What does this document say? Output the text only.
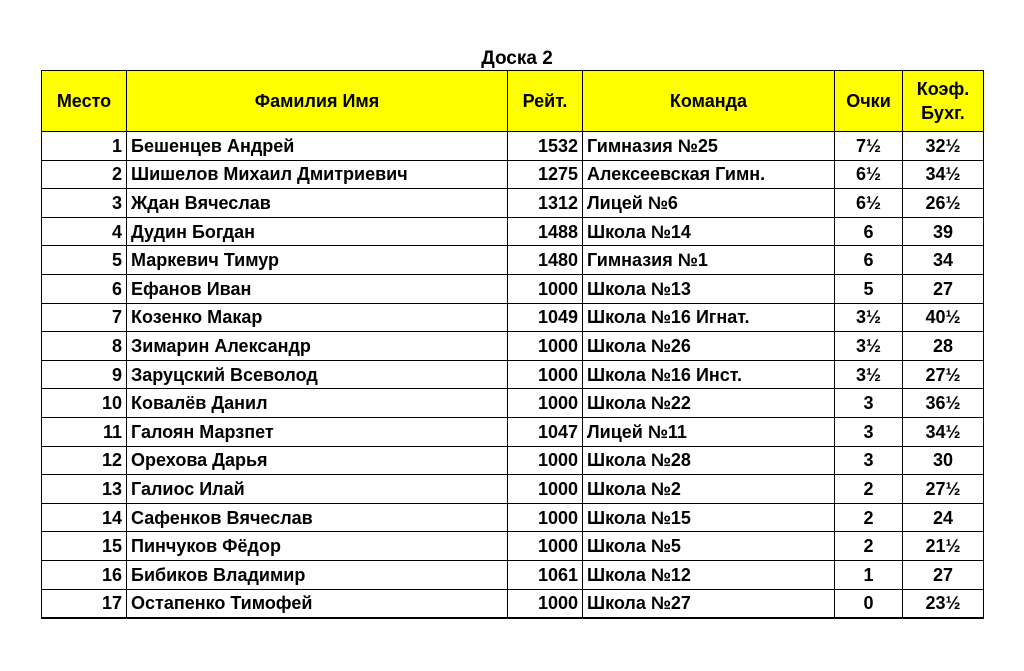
Доска 2
Место	Фамилия Имя	Рейт.	Команда	Очки	Коэф.
Бухг.
1	Бешенцев Андрей	1532	Гимназия №25	7½	32½
2	Шишелов Михаил Дмитриевич	1275	Алексеевская Гимн.	6½	34½
3	Ждан Вячеслав	1312	Лицей №6	6½	26½
4	Дудин Богдан	1488	Школа №14	6	39
5	Маркевич Тимур	1480	Гимназия №1	6	34
6	Ефанов Иван	1000	Школа №13	5	27
7	Козенко Макар	1049	Школа №16 Игнат.	3½	40½
8	Зимарин Александр	1000	Школа №26	3½	28
9	Заруцский Всеволод	1000	Школа №16 Инст.	3½	27½
10	Ковалёв Данил	1000	Школа №22	3	36½
11	Галоян Марзпет	1047	Лицей №11	3	34½
12	Орехова Дарья	1000	Школа №28	3	30
13	Галиос Илай	1000	Школа №2	2	27½
14	Сафенков Вячеслав	1000	Школа №15	2	24
15	Пинчуков Фёдор	1000	Школа №5	2	21½
16	Бибиков Владимир	1061	Школа №12	1	27
17	Остапенко Тимофей	1000	Школа №27	0	23½
